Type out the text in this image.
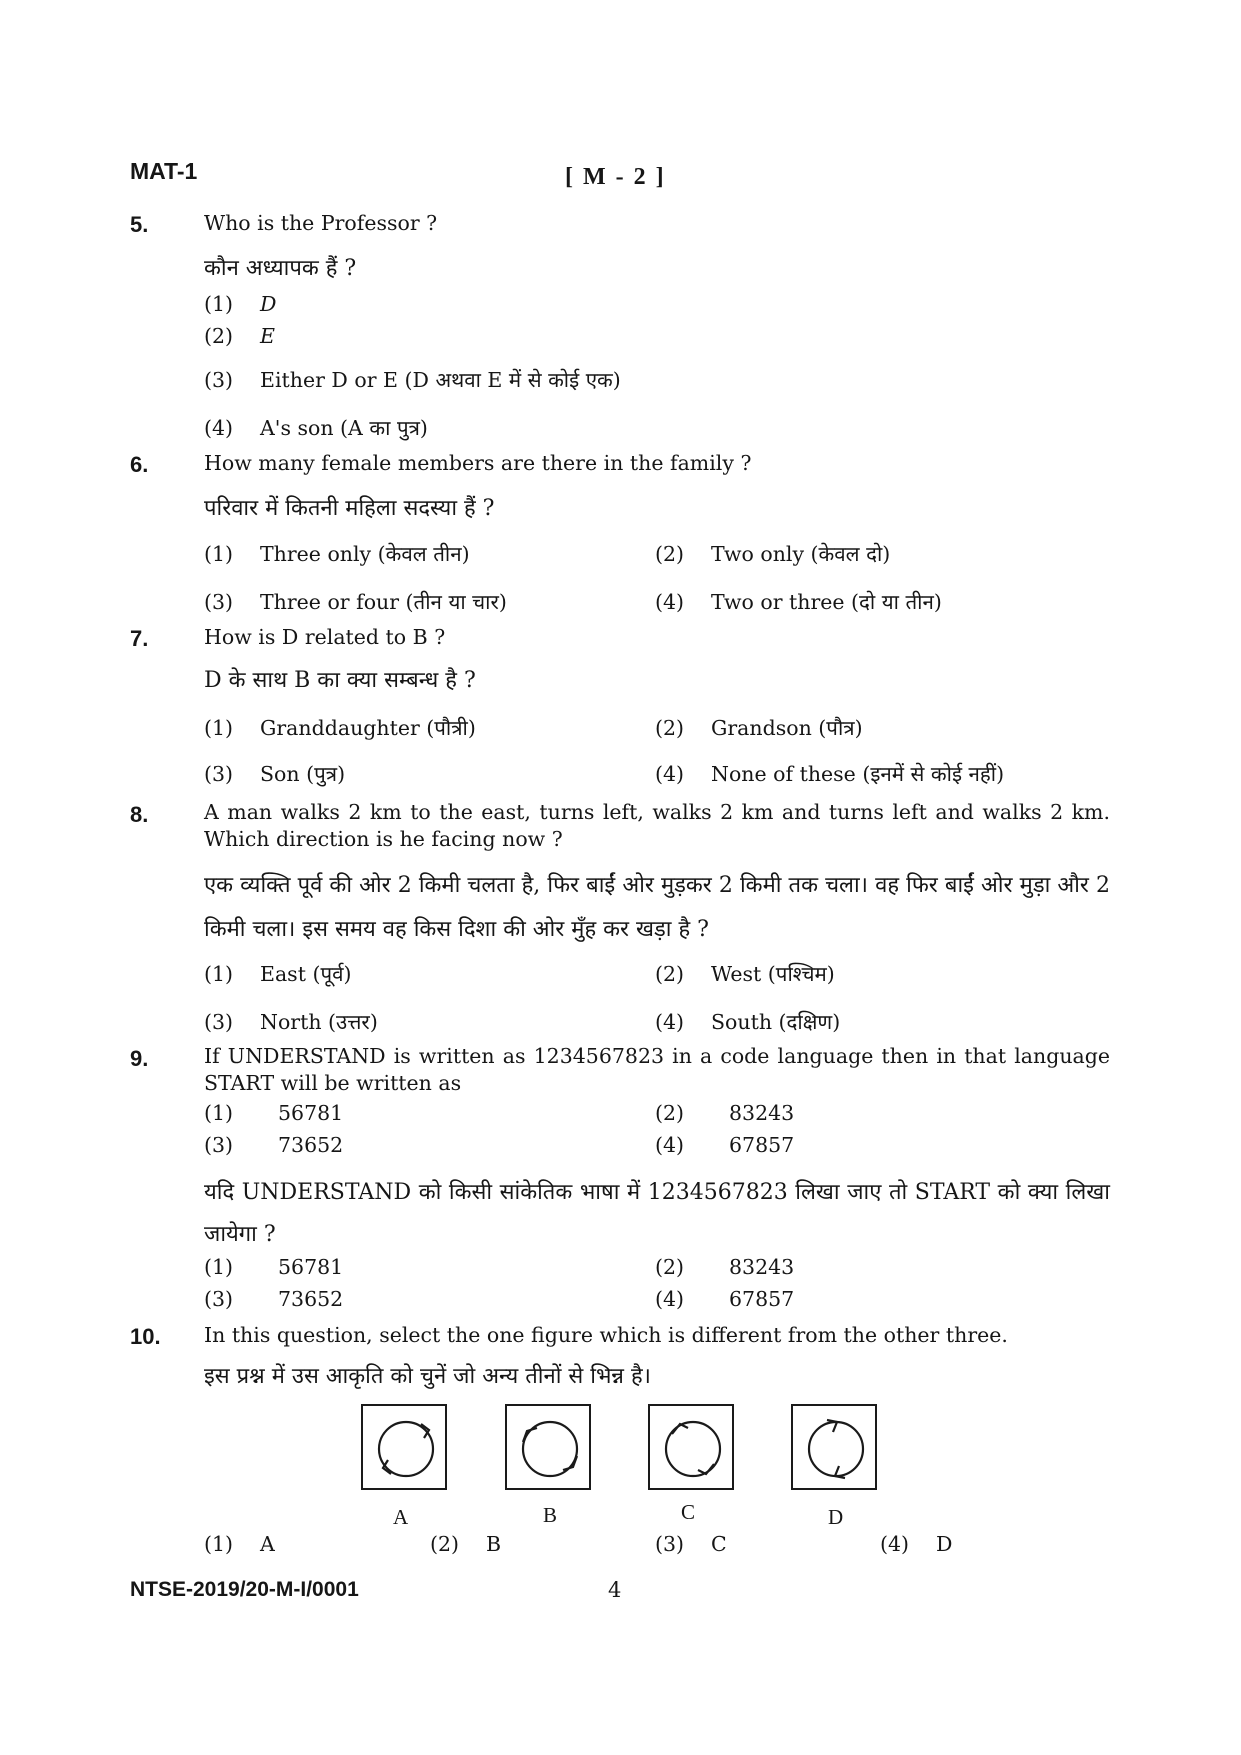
MAT-1	[ M - 2 ]
5.	Who is the Professor ?
कौन अध्यापक हैं ?
(1) D
(2) E
(3) Either D or E (D अथवा E में से कोई एक)
(4) A's son (A का पुत्र)
6.	How many female members are there in the family ?
परिवार में कितनी महिला सदस्या हैं ?
(1) Three only (केवल तीन)	(2) Two only (केवल दो)
(3) Three or four (तीन या चार)	(4) Two or three (दो या तीन)
7.	How is D related to B ?
D के साथ B का क्या सम्बन्ध है ?
(1) Granddaughter (पौत्री)	(2) Grandson (पौत्र)
(3) Son (पुत्र)	(4) None of these (इनमें से कोई नहीं)
8.	A man walks 2 km to the east, turns left, walks 2 km and turns left and walks 2 km. Which direction is he facing now ?
एक व्यक्ति पूर्व की ओर 2 किमी चलता है, फिर बाईं ओर मुड़कर 2 किमी तक चला। वह फिर बाईं ओर मुड़ा और 2 किमी चला। इस समय वह किस दिशा की ओर मुँह कर खड़ा है ?
(1) East (पूर्व)	(2) West (पश्चिम)
(3) North (उत्तर)	(4) South (दक्षिण)
9.	If UNDERSTAND is written as 1234567823 in a code language then in that language START will be written as
(1) 56781	(2) 83243
(3) 73652	(4) 67857
यदि UNDERSTAND को किसी सांकेतिक भाषा में 1234567823 लिखा जाए तो START को क्या लिखा जायेगा ?
(1) 56781	(2) 83243
(3) 73652	(4) 67857
10. In this question, select the one figure which is different from the other three.
इस प्रश्न में उस आकृति को चुनें जो अन्य तीनों से भिन्न है।
A	B	C	D
(1) A	(2) B	(3) C	(4) D
NTSE-2019/20-M-I/0001	4
